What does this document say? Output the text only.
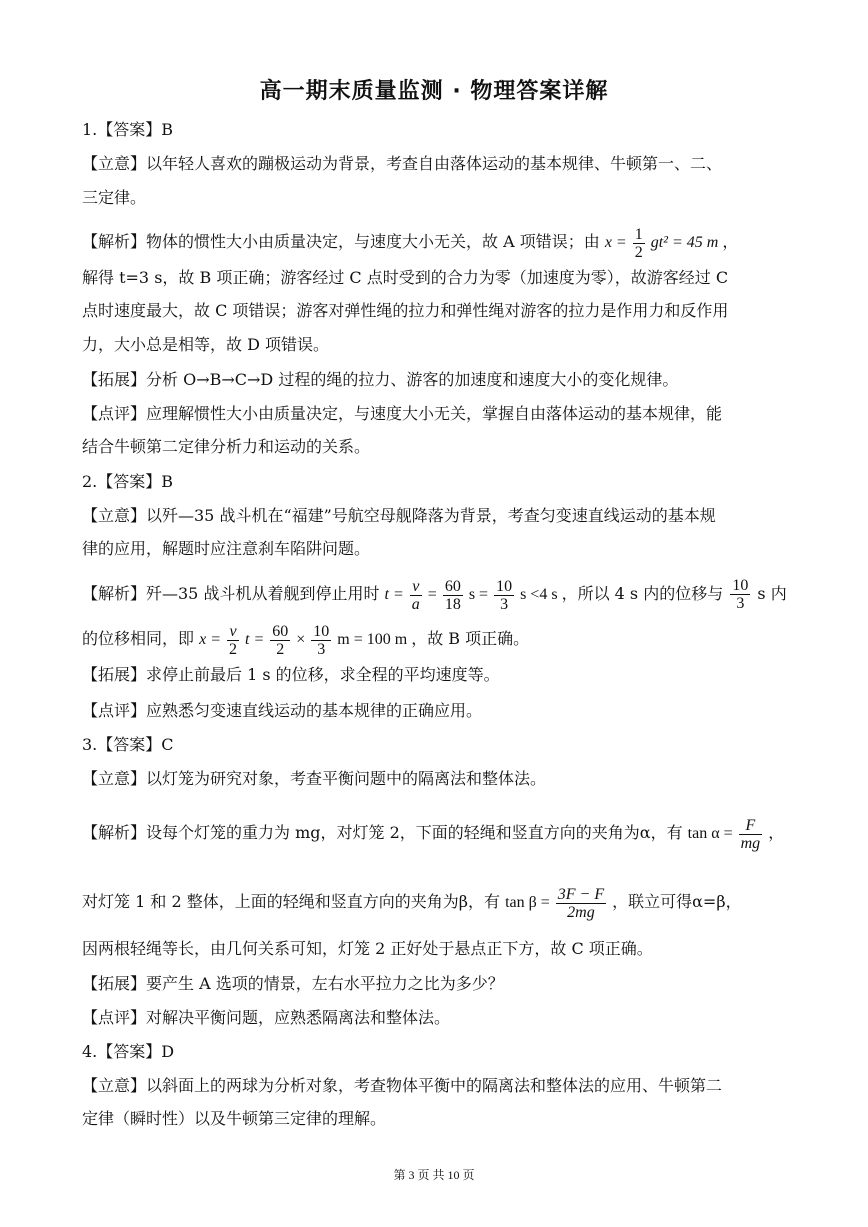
高一期末质量监测 · 物理答案详解
1.【答案】B
【立意】以年轻人喜欢的蹦极运动为背景，考查自由落体运动的基本规律、牛顿第一、二、
三定律。
【解析】物体的惯性大小由质量决定，与速度大小无关，故 A 项错误；由 $x = \frac{1}{2} gt^2 = 45$ m ，
解得 t=3 s，故 B 项正确；游客经过 C 点时受到的合力为零（加速度为零），故游客经过 C
点时速度最大，故 C 项错误；游客对弹性绳的拉力和弹性绳对游客的拉力是作用力和反作用
力，大小总是相等，故 D 项错误。
【拓展】分析 O→B→C→D 过程的绳的拉力、游客的加速度和速度大小的变化规律。
【点评】应理解惯性大小由质量决定，与速度大小无关，掌握自由落体运动的基本规律，能
结合牛顿第二定律分析力和运动的关系。
2.【答案】B
【立意】以歼—35 战斗机在“福建”号航空母舰降落为背景，考查匀变速直线运动的基本规
律的应用，解题时应注意刹车陷阱问题。
【解析】歼—35 战斗机从着舰到停止用时 $t = \frac{v}{a} = \frac{60}{18}$ $s = \frac{10}{3}$ s <4 s ，所以 4 s 内的位移与 $\frac{10}{3}$ s 内
的位移相同，即 $x = \frac{v}{2}$ $t = \frac{60}{2} \times \frac{10}{3}$ m = 100 m ，故 B 项正确。
【拓展】求停止前最后 1 s 的位移，求全程的平均速度等。
【点评】应熟悉匀变速直线运动的基本规律的正确应用。
3.【答案】C
【立意】以灯笼为研究对象，考查平衡问题中的隔离法和整体法。
【解析】设每个灯笼的重力为 mg，对灯笼 2，下面的轻绳和竖直方向的夹角为α，有 $\tan \alpha = \frac{F}{mg}$ ，
对灯笼 1 和 2 整体，上面的轻绳和竖直方向的夹角为β，有 $\tan \beta = \frac{3F - F}{2mg}$ ，联立可得α=β，
因两根轻绳等长，由几何关系可知，灯笼 2 正好处于悬点正下方，故 C 项正确。
【拓展】要产生 A 选项的情景，左右水平拉力之比为多少？
【点评】对解决平衡问题，应熟悉隔离法和整体法。
4.【答案】D
【立意】以斜面上的两球为分析对象，考查物体平衡中的隔离法和整体法的应用、牛顿第二
定律（瞬时性）以及牛顿第三定律的理解。
第 3 页 共 10 页
